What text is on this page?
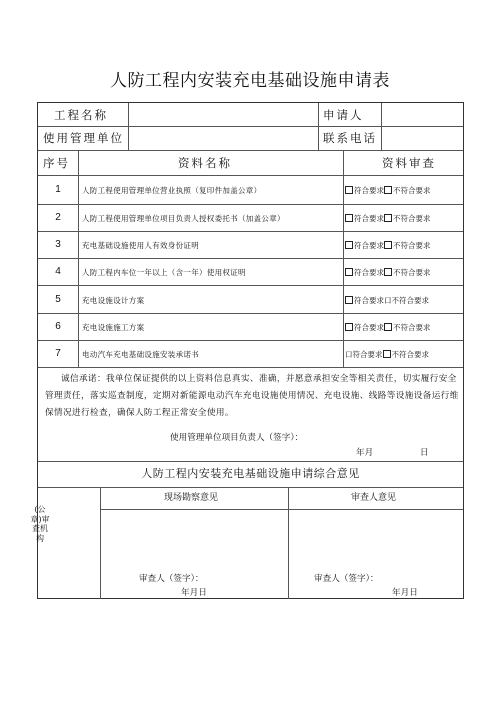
人防工程内安装充电基础设施申请表
工程名称	申请人
使用管理单位	联系电话
序号	资料名称	资料审查
1	人防工程使用管理单位营业执照（复印件加盖公章）	符合要求 不符合要求
2	人防工程使用管理单位项目负责人授权委托书（加盖公章）	符合要求 不符合要求
3	充电基础设施使用人有效身份证明	符合要求 不符合要求
4	人防工程内车位一年以上（含一年）使用权证明	符合要求 不符合要求
5	充电设施设计方案	符合要求口不符合要求
6	充电设施施工方案	符合要求 不符合要求
7	电动汽车充电基础设施安装承诺书	口符合要求 不符合要求
诚信承诺：我单位保证提供的以上资料信息真实、准确，并愿意承担安全等相关责任，切实履行安全管理责任，落实巡查制度，定期对新能源电动汽车充电设施使用情况、充电设施、线路等设施设备运行维保情况进行检查，确保人防工程正常安全使用。
使用管理单位项目负责人（签字）：
年月	日
人防工程内安装充电基础设施申请综合意见
现场勘察意见	审查人意见
审查人（签字）：
年月日
审查人（签字）：
年月日
(公章)审查机构
